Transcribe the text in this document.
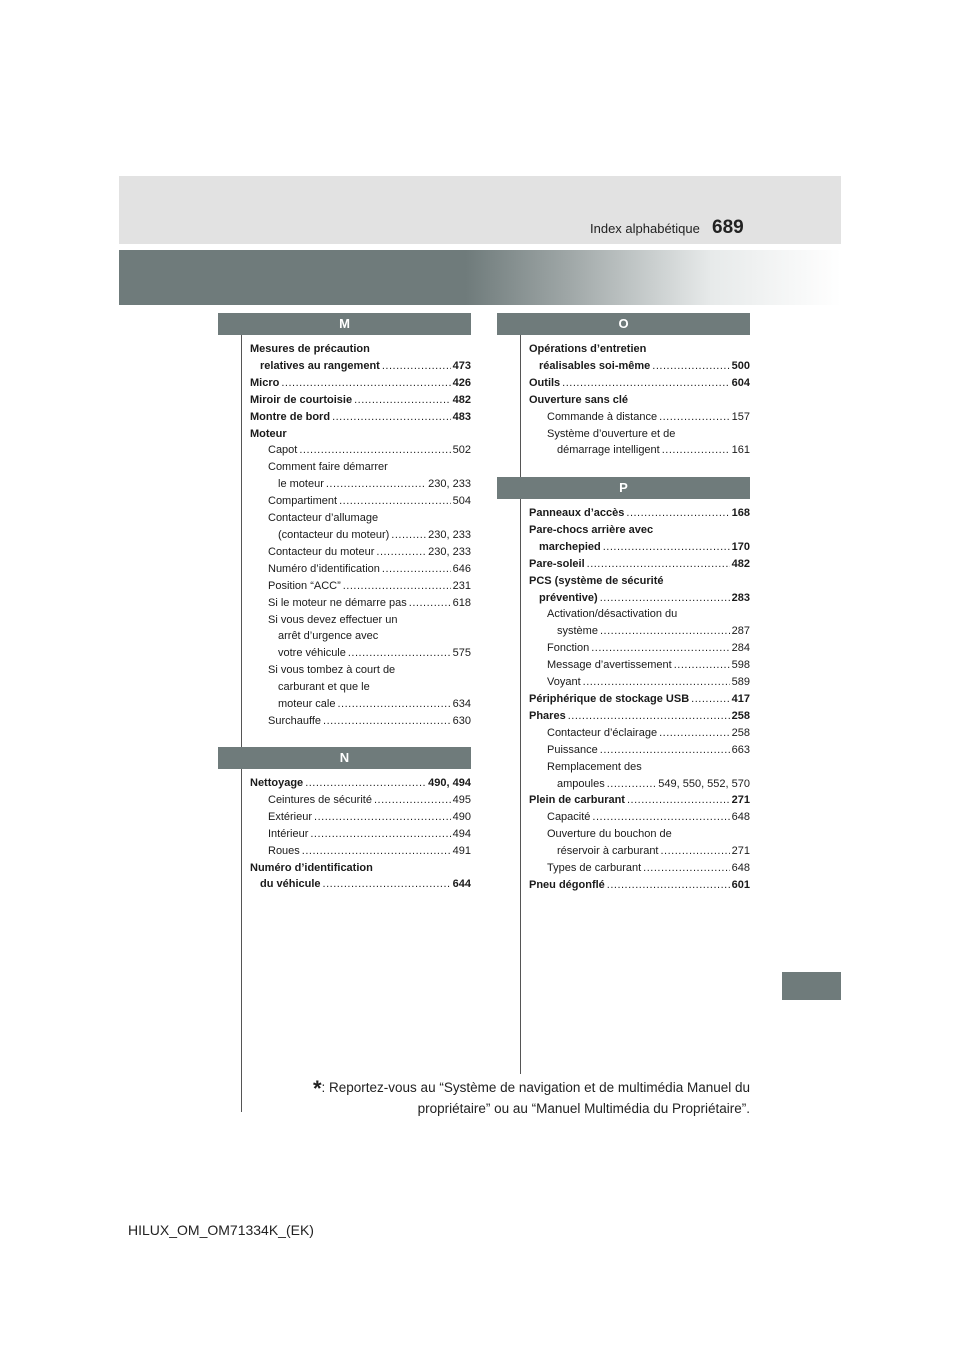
Index alphabétique 689
M
Mesures de précaution
relatives au rangement .....	473
Micro .....	426
Miroir de courtoisie .....	482
Montre de bord .....	483
Moteur
Capot .....	502
Comment faire démarrer
le moteur .....	230, 233
Compartiment .....	504
Contacteur d’allumage
(contacteur du moteur) .....	230, 233
Contacteur du moteur .....	230, 233
Numéro d’identification .....	646
Position “ACC” .....	231
Si le moteur ne démarre pas .....	618
Si vous devez effectuer un
arrêt d’urgence avec
votre véhicule .....	575
Si vous tombez à court de
carburant et que le
moteur cale .....	634
Surchauffe .....	630
N
Nettoyage .....	490, 494
Ceintures de sécurité .....	495
Extérieur .....	490
Intérieur .....	494
Roues .....	491
Numéro d’identification
du véhicule .....	644
O
Opérations d’entretien
réalisables soi-même .....	500
Outils .....	604
Ouverture sans clé
Commande à distance .....	157
Système d’ouverture et de
démarrage intelligent .....	161
P
Panneaux d’accès .....	168
Pare-chocs arrière avec
marchepied .....	170
Pare-soleil .....	482
PCS (système de sécurité
préventive) .....	283
Activation/désactivation du
système .....	287
Fonction .....	284
Message d’avertissement .....	598
Voyant .....	589
Périphérique de stockage USB .....	417
Phares .....	258
Contacteur d’éclairage .....	258
Puissance .....	663
Remplacement des
ampoules .....	549, 550, 552, 570
Plein de carburant .....	271
Capacité .....	648
Ouverture du bouchon de
réservoir à carburant .....	271
Types de carburant .....	648
Pneu dégonflé .....	601
*: Reportez-vous au “Système de navigation et de multimédia Manuel du
propriétaire” ou au “Manuel Multimédia du Propriétaire”.
HILUX_OM_OM71334K_(EK)
